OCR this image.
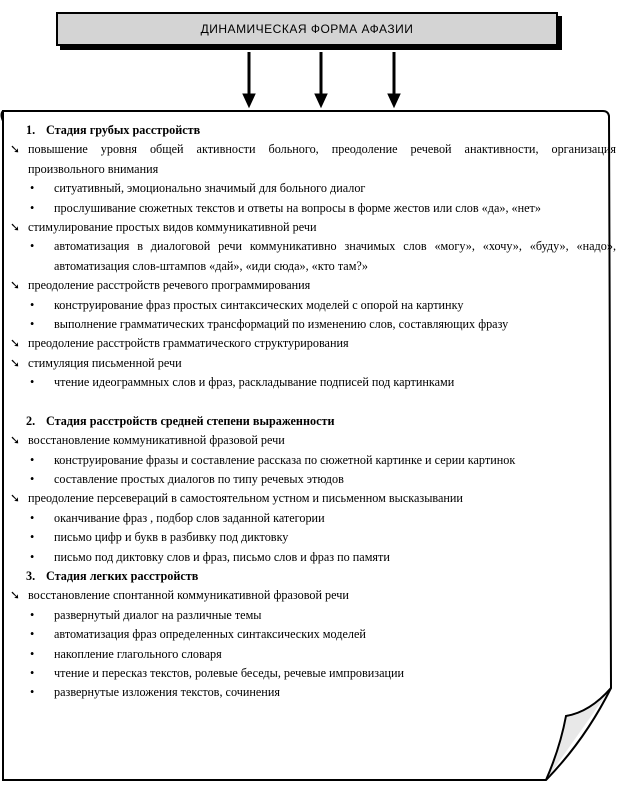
ДИНАМИЧЕСКАЯ ФОРМА АФАЗИИ
1. Стадия грубых расстройств
➘ повышение уровня общей активности больного, преодоление речевой анактивности, организация произвольного внимания
•	ситуативный, эмоционально значимый для больного диалог
•	прослушивание сюжетных текстов и ответы на вопросы в форме жестов или слов «да», «нет»
➘ стимулирование простых видов коммуникативной речи
•	автоматизация в диалоговой речи коммуникативно значимых слов «могу», «хочу», «буду», «надо», автоматизация слов-штампов «дай», «иди сюда», «кто там?»
➘ преодоление расстройств речевого программирования
•	конструирование фраз простых синтаксических моделей с опорой на картинку
•	выполнение грамматических трансформаций по изменению слов, составляющих фразу
➘ преодоление расстройств грамматического структурирования
➘ стимуляция письменной речи
•	чтение идеограммных слов и фраз, раскладывание подписей под картинками
2. Стадия расстройств средней степени выраженности
➘ восстановление коммуникативной фразовой речи
•	конструирование фразы и составление рассказа по сюжетной картинке и серии картинок
•	составление простых диалогов по типу речевых этюдов
➘ преодоление персевераций в самостоятельном устном и письменном высказывании
•	оканчивание фраз , подбор слов заданной категории
•	письмо цифр и букв в разбивку под диктовку
•	письмо под диктовку слов и фраз, письмо слов и фраз по памяти
3. Стадия легких расстройств
➘ восстановление спонтанной коммуникативной фразовой речи
•	развернутый диалог на различные темы
•	автоматизация фраз определенных синтаксических моделей
•	накопление глагольного словаря
•	чтение и пересказ текстов, ролевые беседы, речевые импровизации
•	развернутые изложения текстов, сочинения
